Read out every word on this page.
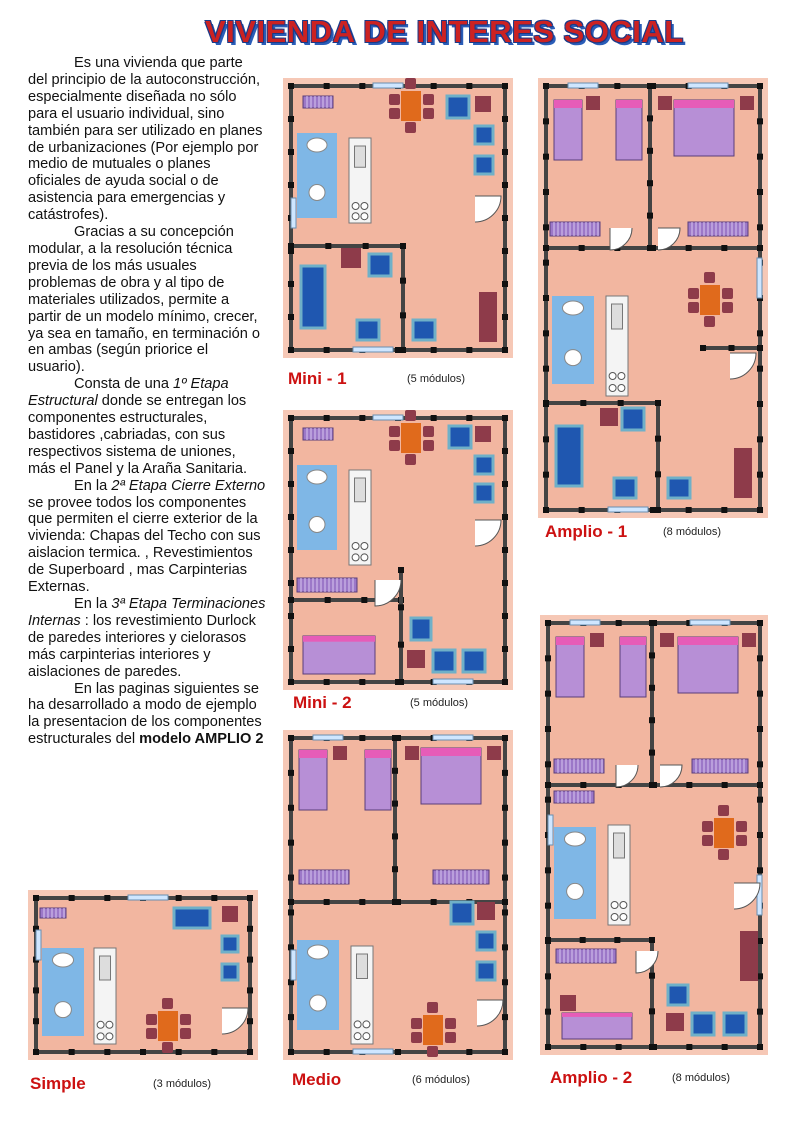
VIVIENDA DE INTERES SOCIAL

Es una vivienda que parte del principio de la autoconstrucción, especialmente diseñada no sólo para el usuario individual, sino también para ser utilizado en planes de urbanizaciones (Por ejemplo por medio de mutuales o planes oficiales de ayuda social o de asistencia para emergencias y catástrofes).

Gracias a su concepción modular, a la resolución técnica previa de los más usuales problemas de obra y al tipo de materiales utilizados, permite a partir de un modelo mínimo, crecer, ya sea en tamaño, en terminación o en ambas (según priorice el usuario).

Consta de una 1º Etapa Estructural donde se entregan los componentes estructurales, bastidores ,cabriadas, con sus respectivos sistema de uniones, más el Panel y la Araña Sanitaria.

En la 2ª Etapa Cierre Externo se provee todos los componentes que permiten el cierre exterior de la vivienda: Chapas del Techo con sus aislacion termica. , Revestimientos de Superboard , mas Carpinterias Externas.

En la 3ª Etapa Terminaciones Internas : los revestimiento Durlock de paredes interiores y cielorasos más carpinterias interiores y aislaciones de paredes.

En las paginas siguientes se ha desarrollado a modo de ejemplo la presentacion de los componentes estructurales del modelo AMPLIO 2

Mini - 1	(5 módulos)
Mini - 2	(5 módulos)
Amplio - 1	(8 módulos)
Simple	(3 módulos)	Medio	(6 módulos)	Amplio - 2	(8 módulos)
